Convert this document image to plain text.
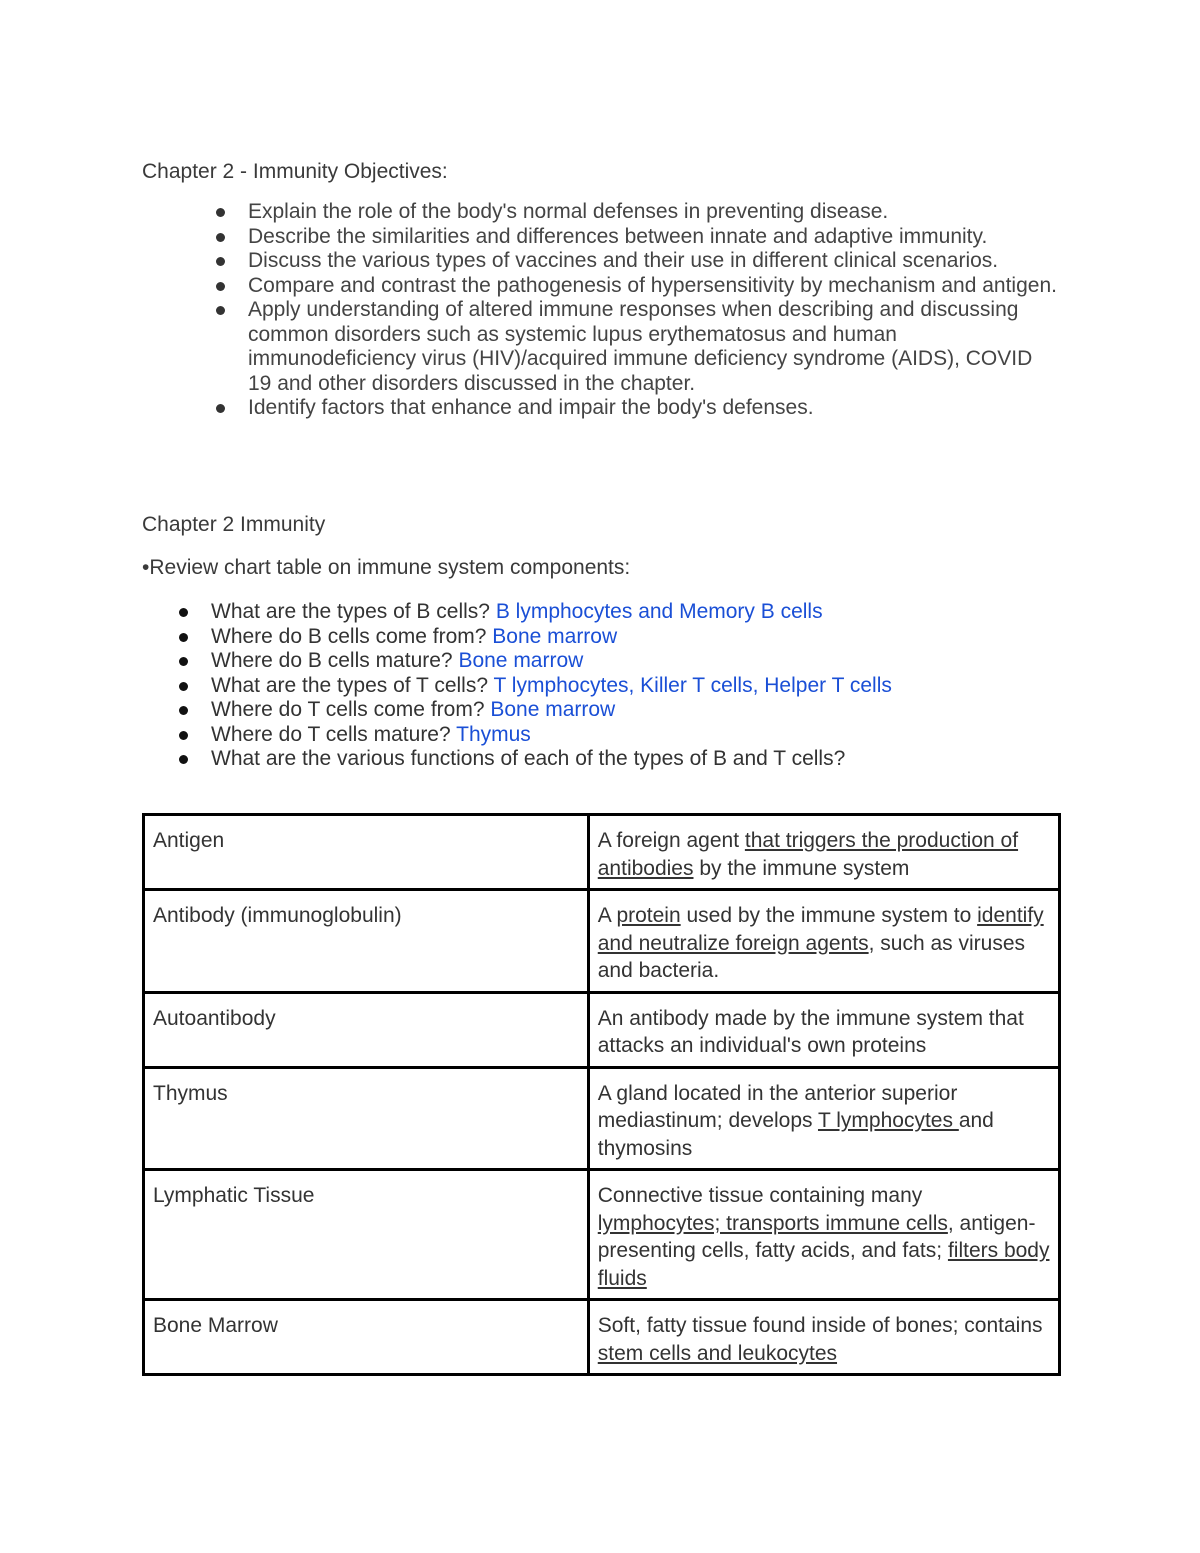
Chapter 2 - Immunity Objectives:
Explain the role of the body's normal defenses in preventing disease.
Describe the similarities and differences between innate and adaptive immunity.
Discuss the various types of vaccines and their use in different clinical scenarios.
Compare and contrast the pathogenesis of hypersensitivity by mechanism and antigen.
Apply understanding of altered immune responses when describing and discussing common disorders such as systemic lupus erythematosus and human immunodeficiency virus (HIV)/acquired immune deficiency syndrome (AIDS), COVID 19 and other disorders discussed in the chapter.
Identify factors that enhance and impair the body's defenses.
Chapter 2 Immunity
•Review chart table on immune system components:
What are the types of B cells? B lymphocytes and Memory B cells
Where do B cells come from? Bone marrow
Where do B cells mature? Bone marrow
What are the types of T cells? T lymphocytes, Killer T cells, Helper T cells
Where do T cells come from? Bone marrow
Where do T cells mature? Thymus
What are the various functions of each of the types of B and T cells?
Antigen	A foreign agent that triggers the production of antibodies by the immune system
Antibody (immunoglobulin)	A protein used by the immune system to identify and neutralize foreign agents, such as viruses and bacteria.
Autoantibody	An antibody made by the immune system that attacks an individual's own proteins
Thymus	A gland located in the anterior superior mediastinum; develops T lymphocytes and thymosins
Lymphatic Tissue	Connective tissue containing many lymphocytes; transports immune cells, antigen-presenting cells, fatty acids, and fats; filters body fluids
Bone Marrow	Soft, fatty tissue found inside of bones; contains stem cells and leukocytes
